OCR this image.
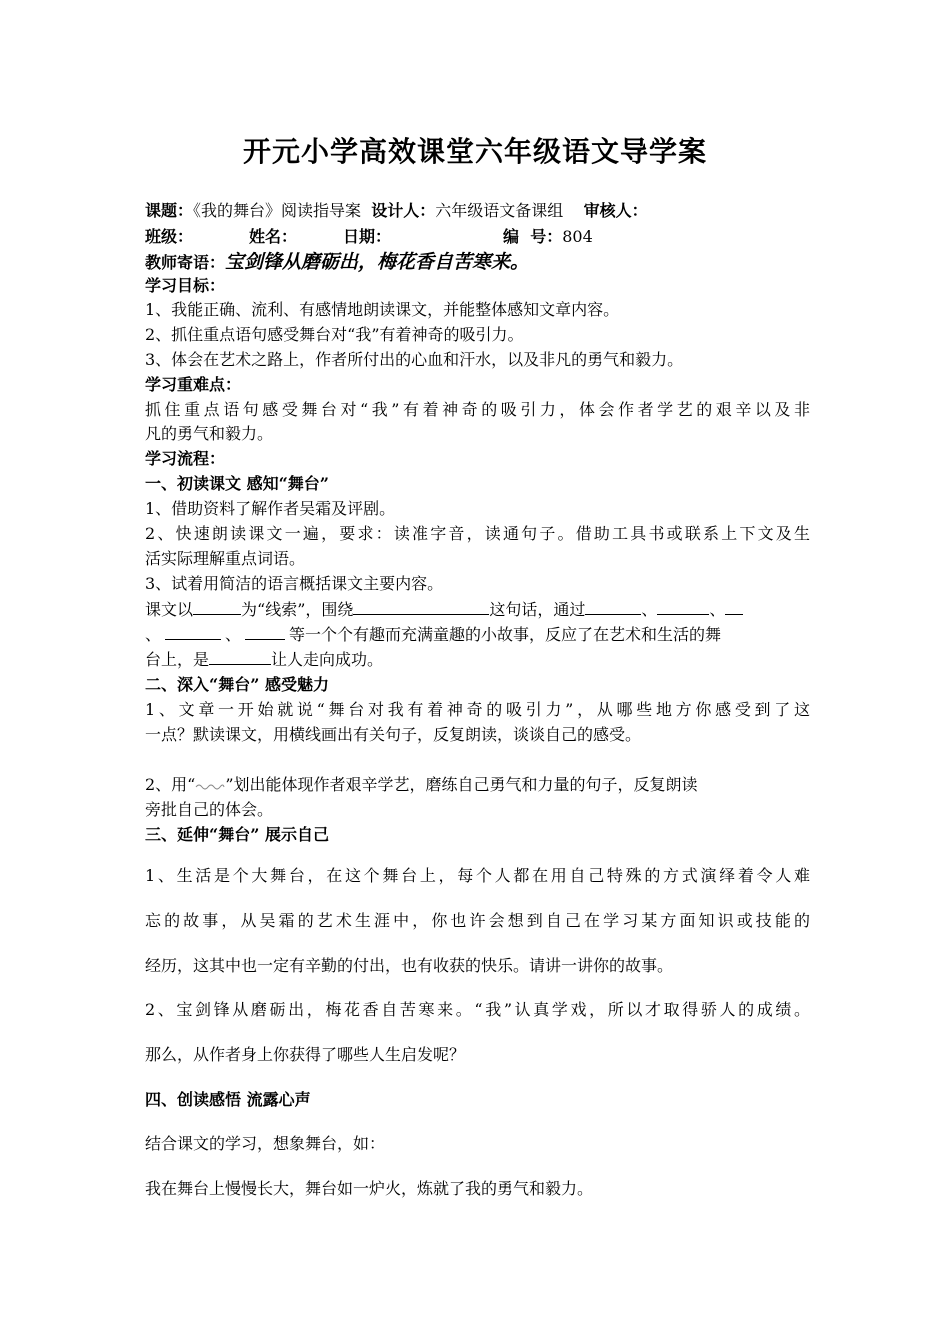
开元小学高效课堂六年级语文导学案
课题：《我的舞台》阅读指导案 设计人：六年级语文备课组 审核人：
班级：	姓名：	日期：	编  号：804
教师寄语：宝剑锋从磨砺出，梅花香自苦寒来。
学习目标：
1、我能正确、流利、有感情地朗读课文，并能整体感知文章内容。
2、抓住重点语句感受舞台对“我”有着神奇的吸引力。
3、体会在艺术之路上，作者所付出的心血和汗水，以及非凡的勇气和毅力。
学习重难点：
抓住重点语句感受舞台对“我”有着神奇的吸引力，体会作者学艺的艰辛以及非
凡的勇气和毅力。
学习流程：
一、初读课文 感知“舞台”
1、借助资料了解作者吴霜及评剧。
2、快速朗读课文一遍，要求：读准字音，读通句子。借助工具书或联系上下文及生
活实际理解重点词语。
3、试着用简洁的语言概括课文主要内容。
课文以	为“线索”，围绕	这句话，通过	、	、
、	、	等一个个有趣而充满童趣的小故事，反应了在艺术和生活的舞
台上，是	让人走向成功。
二、深入“舞台” 感受魅力
1、文章一开始就说“舞台对我有着神奇的吸引力”，从哪些地方你感受到了这
一点？默读课文，用横线画出有关句子，反复朗读，谈谈自己的感受。
2、用“ ”划出能体现作者艰辛学艺，磨练自己勇气和力量的句子，反复朗读
旁批自己的体会。
三、延伸“舞台” 展示自己
1、生活是个大舞台，在这个舞台上，每个人都在用自己特殊的方式演绎着令人难
忘的故事，从吴霜的艺术生涯中，你也许会想到自己在学习某方面知识或技能的
经历，这其中也一定有辛勤的付出，也有收获的快乐。请讲一讲你的故事。
2、宝剑锋从磨砺出，梅花香自苦寒来。“我”认真学戏，所以才取得骄人的成绩。
那么，从作者身上你获得了哪些人生启发呢？
四、创读感悟 流露心声
结合课文的学习，想象舞台，如：
我在舞台上慢慢长大，舞台如一炉火，炼就了我的勇气和毅力。
